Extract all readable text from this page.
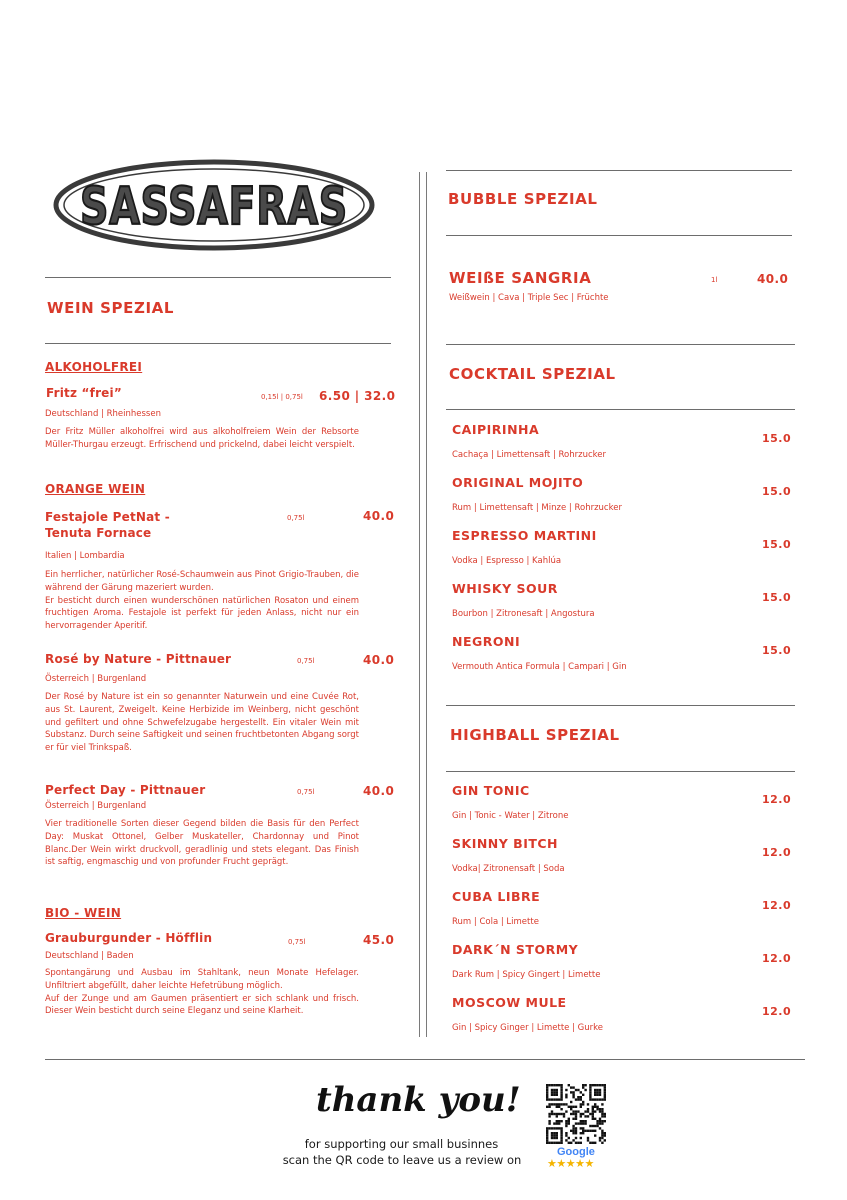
SASSAFRAS
WEIN SPEZIAL
ALKOHOLFREI
Fritz “frei”	0,15l | 0,75l 6.50 | 32.0
Deutschland | Rheinhessen
Der Fritz Müller alkoholfrei wird aus alkoholfreiem Wein der Rebsorte Müller-Thurgau erzeugt. Erfrischend und prickelnd, dabei leicht verspielt.
ORANGE WEIN
Festajole PetNat - Tenuta Fornace
0,75l	40.0
Italien | Lombardia
Ein herrlicher, natürlicher Rosé-Schaumwein aus Pinot Grigio-Trauben, die während der Gärung mazeriert wurden.
Er besticht durch einen wunderschönen natürlichen Rosaton und einem fruchtigen Aroma. Festajole ist perfekt für jeden Anlass, nicht nur ein hervorragender Aperitif.
Rosé by Nature - Pittnauer	0,75l	40.0
Österreich | Burgenland
Der Rosé by Nature ist ein so genannter Naturwein und eine Cuvée Rot, aus St. Laurent, Zweigelt. Keine Herbizide im Weinberg, nicht geschönt und gefiltert und ohne Schwefelzugabe hergestellt. Ein vitaler Wein mit Substanz. Durch seine Saftigkeit und seinen fruchtbetonten Abgang sorgt er für viel Trinkspaß.
Perfect Day - Pittnauer	0,75l	40.0
Österreich | Burgenland
Vier traditionelle Sorten dieser Gegend bilden die Basis für den Perfect Day: Muskat Ottonel, Gelber Muskateller, Chardonnay und Pinot Blanc.Der Wein wirkt druckvoll, geradlinig und stets elegant. Das Finish ist saftig, engmaschig und von profunder Frucht geprägt.
BIO - WEIN
Grauburgunder - Höfflin	0,75l	45.0
Deutschland | Baden
Spontangärung und Ausbau im Stahltank, neun Monate Hefelager. Unfiltriert abgefüllt, daher leichte Hefetrübung möglich.
Auf der Zunge und am Gaumen präsentiert er sich schlank und frisch. Dieser Wein besticht durch seine Eleganz und seine Klarheit.
BUBBLE SPEZIAL
WEIßE SANGRIA	1l	40.0
Weißwein | Cava | Triple Sec | Früchte
COCKTAIL SPEZIAL
CAIPIRINHA
Cachaça | Limettensaft | Rohrzucker
15.0
ORIGINAL MOJITO
Rum | Limettensaft | Minze | Rohrzucker
15.0
ESPRESSO MARTINI
Vodka | Espresso | Kahlúa
15.0
WHISKY SOUR
Bourbon | Zitronesaft | Angostura
15.0
NEGRONI
Vermouth Antica Formula | Campari | Gin
15.0
HIGHBALL SPEZIAL
GIN TONIC
Gin | Tonic - Water | Zitrone
12.0
SKINNY BITCH
Vodka| Zitronensaft | Soda
12.0
CUBA LIBRE
Rum | Cola | Limette
12.0
DARK´N STORMY
Dark Rum | Spicy Gingert | Limette
12.0
MOSCOW MULE
Gin | Spicy Ginger | Limette | Gurke
12.0
thank you!
for supporting our small businnes
scan the QR code to leave us a review on
Google
★★★★★
